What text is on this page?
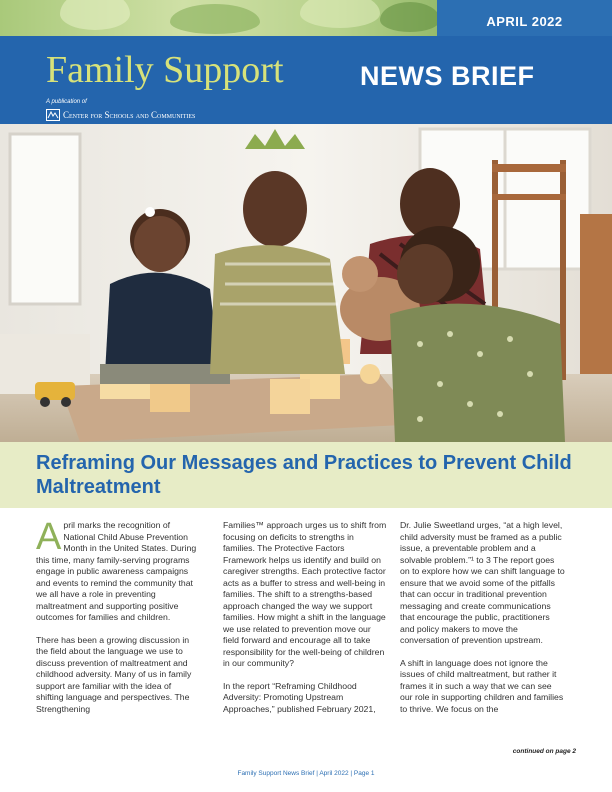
APRIL 2022
Family Support	NEWS BRIEF
A publication of
Center for Schools and Communities
Reframing Our Messages and Practices to Prevent Child Maltreatment

April marks the recognition of National Child Abuse Prevention Month in the United States. During this time, many family-serving programs engage in public awareness campaigns and events to remind the community that we all have a role in preventing maltreatment and supporting positive outcomes for families and children.

There has been a growing discussion in the field about the language we use to discuss prevention of maltreatment and childhood adversity. Many of us in family support are familiar with the idea of shifting language and perspectives. The Strengthening

Families™ approach urges us to shift from focusing on deficits to strengths in families. The Protective Factors Framework helps us identify and build on caregiver strengths. Each protective factor acts as a buffer to stress and well-being in families. The shift to a strengths-based approach changed the way we support families. How might a shift in the language we use related to prevention move our field forward and encourage all to take responsibility for the well-being of children in our community?

In the report “Reframing Childhood Adversity: Promoting Upstream Approaches,” published February 2021,

Dr. Julie Sweetland urges, “at a high level, child adversity must be framed as a public issue, a preventable problem and a solvable problem.”¹ to 3 The report goes on to explore how we can shift language to ensure that we avoid some of the pitfalls that can occur in traditional prevention messaging and create communications that encourage the public, practitioners and policy makers to move the conversation of prevention upstream.

A shift in language does not ignore the issues of child maltreatment, but rather it frames it in such a way that we can see our role in supporting children and families to thrive. We focus on the

continued on page 2
Family Support News Brief | April 2022 | Page 1
